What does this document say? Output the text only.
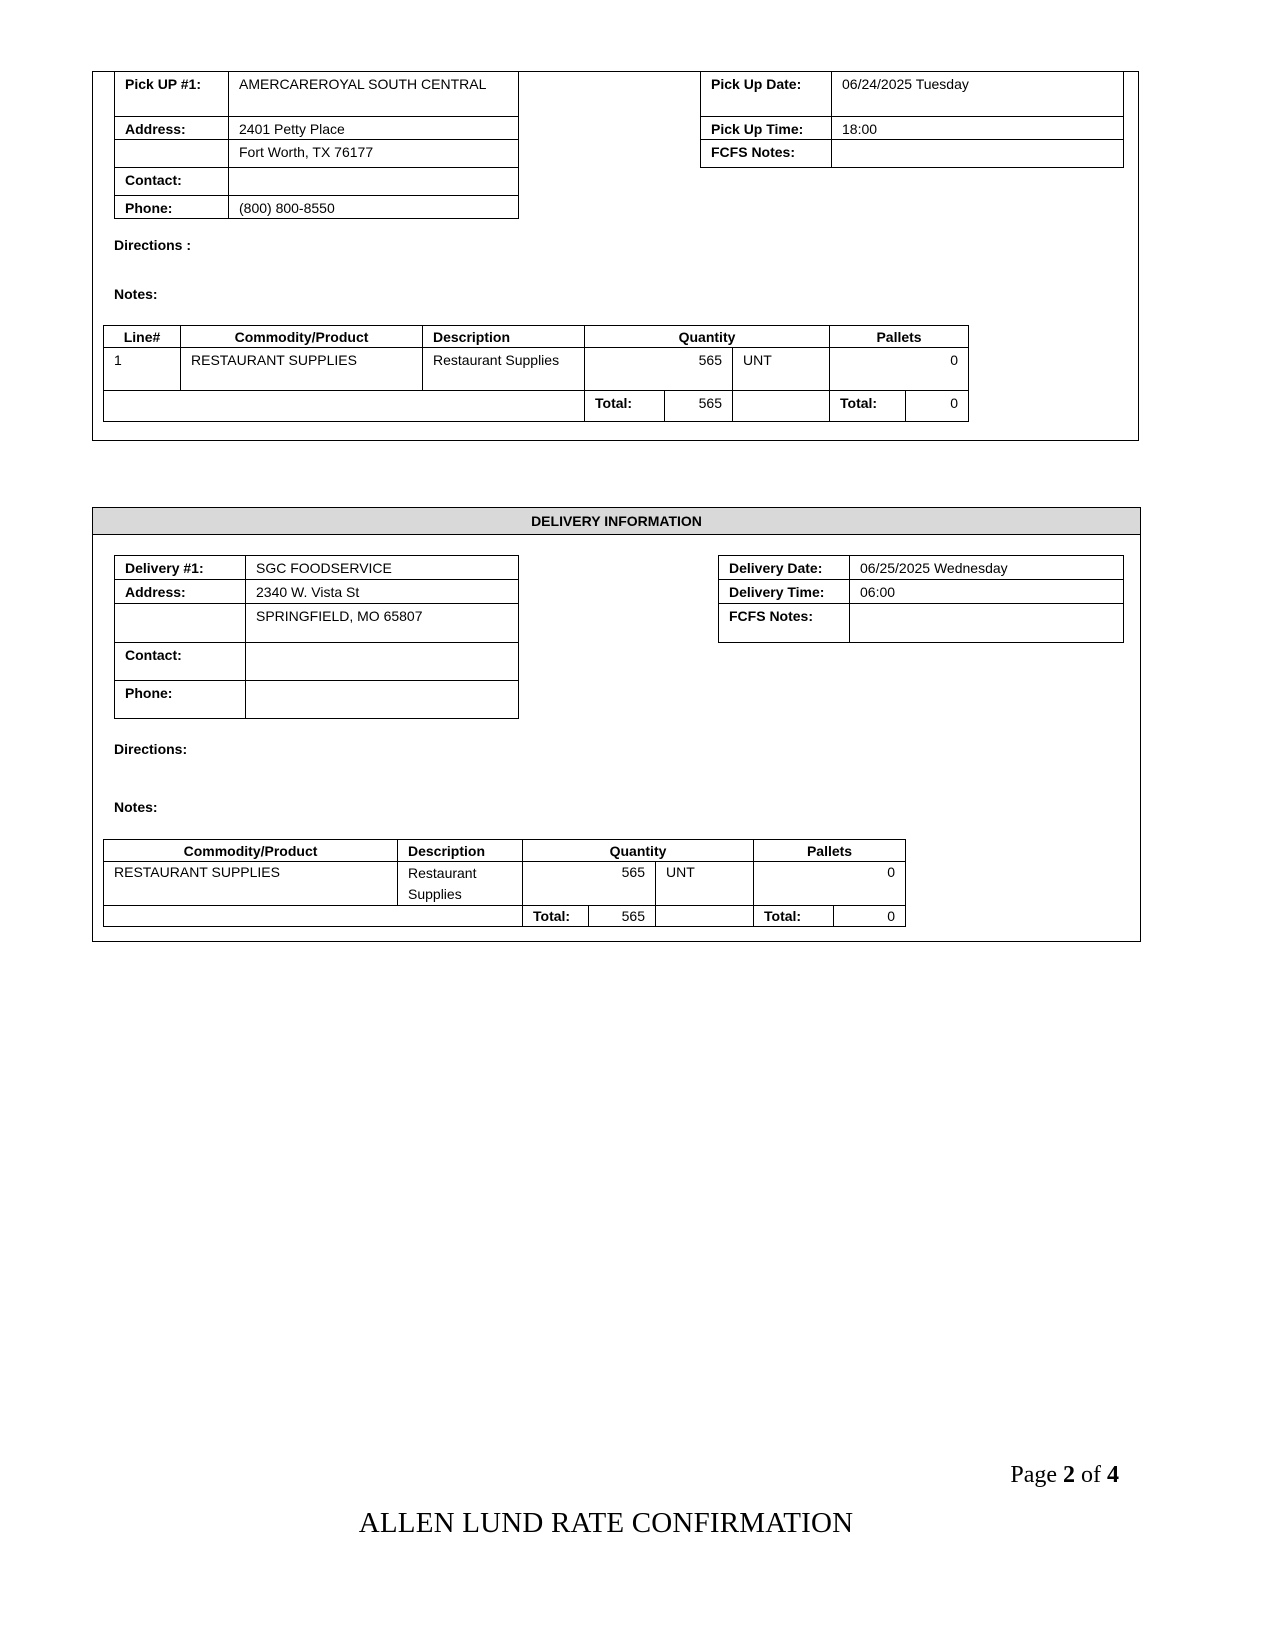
Pick UP #1:	AMERCAREROYAL SOUTH CENTRAL
Address:	2401 Petty Place
	Fort Worth, TX 76177
Contact:	
Phone:	(800) 800-8550
Pick Up Date:	06/24/2025 Tuesday
Pick Up Time:	18:00
FCFS Notes:	
Directions :
Notes:
Line#	Commodity/Product	Description	Quantity			Pallets	
1	RESTAURANT SUPPLIES	Restaurant Supplies	565		UNT	0	
			Total:	565		Total:	0
DELIVERY INFORMATION
Delivery #1:	SGC FOODSERVICE
Address:	2340 W. Vista St
	SPRINGFIELD, MO 65807
Contact:	
Phone:	
Delivery Date:	06/25/2025 Wednesday
Delivery Time:	06:00
FCFS Notes:	
Directions:
Notes:
Commodity/Product	Description	Quantity			Pallets	
RESTAURANT SUPPLIES	Restaurant Supplies	565		UNT	0	
		Total:	565		Total:	0
Page 2 of 4
ALLEN LUND RATE CONFIRMATION
